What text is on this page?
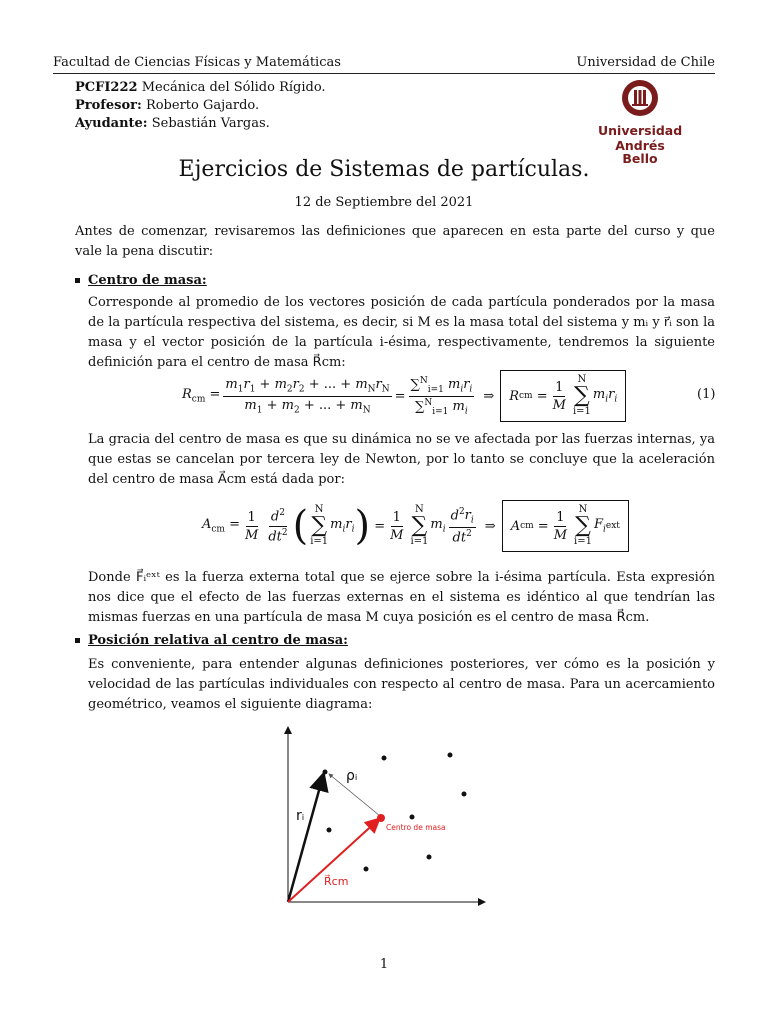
Facultad de Ciencias Físicas y Matemáticas	Universidad de Chile
PCFI222 Mecánica del Sólido Rígido.
Profesor: Roberto Gajardo.
Ayudante: Sebastián Vargas.	Universidad
Andrés Bello
Ejercicios de Sistemas de partículas.
12 de Septiembre del 2021
Antes de comenzar, revisaremos las definiciones que aparecen en esta parte del curso y que vale la pena discutir:
Centro de masa:
Corresponde al promedio de los vectores posición de cada partícula ponderados por la masa de la partícula respectiva del sistema, es decir, si M es la masa total del sistema y mᵢ y r⃗ᵢ son la masa y el vector posición de la partícula i-ésima, respectivamente, tendremos la siguiente definición para el centro de masa R⃗cm:
$R_{cm} = \frac{m_1r_1 + m_2r_2 + ... + m_Nr_N}{m_1 + m_2 + ... + m_N} = \frac{\sum^N_{i=1} m_ir_i}{\sum^N_{i=1} m_i}$ ⇒ R cm = $\frac{1}{M}$ N
∑
i=1
$m_ir_i$	(1)
La gracia del centro de masa es que su dinámica no se ve afectada por las fuerzas internas, ya que estas se cancelan por tercera ley de Newton, por lo tanto se concluye que la aceleración del centro de masa A⃗cm está dada por:
$A_{cm} = \frac{1}{M} \frac{d^2}{dt^2}$ ( N
∑
i=1
$m_ir_i$ ) = $\frac{1}{M}$ N
∑
i=1
$m_i \frac{d^2r_i}{dt^2}$ ⇒ A cm = $\frac{1}{M}$ N
∑
i=1
$F_i$ ext
Donde F⃗ᵢᵉˣᵗ es la fuerza externa total que se ejerce sobre la i-ésima partícula. Esta expresión nos dice que el efecto de las fuerzas externas en el sistema es idéntico al que tendrían las mismas fuerzas en una partícula de masa M cuya posición es el centro de masa R⃗cm.
Posición relativa al centro de masa:
Es conveniente, para entender algunas definiciones posteriores, ver cómo es la posición y velocidad de las partículas individuales con respecto al centro de masa. Para un acercamiento geométrico, veamos el siguiente diagrama:
ρᵢ
rᵢ
Centro de masa
R⃗cm
1
